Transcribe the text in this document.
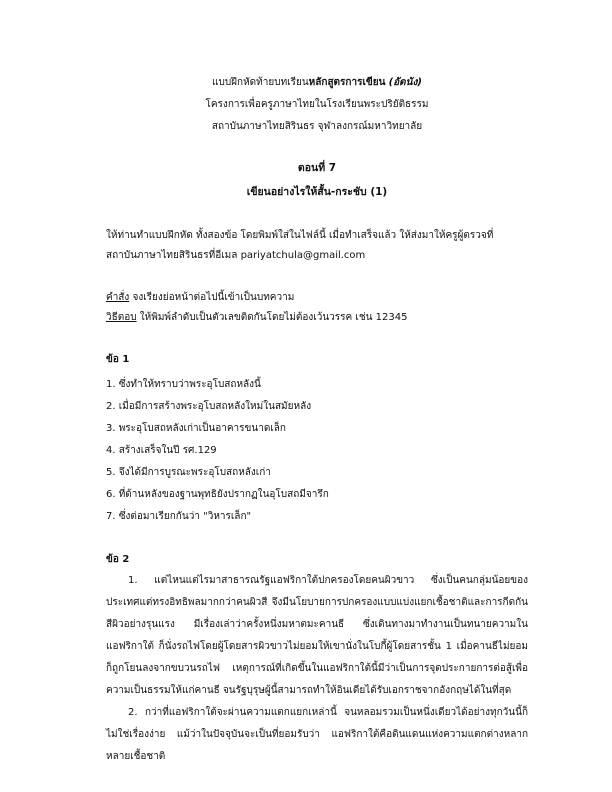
แบบฝึกหัดท้ายบทเรียนหลักสูตรการเขียน (อัดนัง)
โครงการเพื่อครูภาษาไทยในโรงเรียนพระปริยัติธรรม
สถาบันภาษาไทยสิรินธร จุฬาลงกรณ์มหาวิทยาลัย
ตอนที่ 7
เขียนอย่างไรให้สั้น-กระชับ (1)

ให้ท่านทำแบบฝึกหัด ทั้งสองข้อ โดยพิมพ์ใส่ในไฟล์นี้ เมื่อทำเสร็จแล้ว ให้ส่งมาให้ครูผู้ตรวจที่

สถาบันภาษาไทยสิรินธรที่อีเมล pariyatchula@gmail.com

คำสั่ง จงเรียงย่อหน้าต่อไปนี้เข้าเป็นบทความ

วิธีตอบ ให้พิมพ์ลำดับเป็นตัวเลขติดกันโดยไม่ต้องเว้นวรรค เช่น 12345

ข้อ 1
1. ซึ่งทำให้ทราบว่าพระอุโบสถหลังนี้
2. เมื่อมีการสร้างพระอุโบสถหลังใหม่ในสมัยหลัง
3. พระอุโบสถหลังเก่าเป็นอาคารขนาดเล็ก
4. สร้างเสร็จในปี รศ.129
5. จึงได้มีการบูรณะพระอุโบสถหลังเก่า
6. ที่ด้านหลังของฐานพุทธิยังปรากฏในอุโบสถมีจารึก
7. ซึ่งต่อมาเรียกกันว่า "วิหารเล็ก"
ข้อ 2

1. แต่ไหนแต่ไรมาสาธารณรัฐแอฟริกาใต้ปกครองโดยคนผิวขาว ซึ่งเป็นคนกลุ่มน้อยของประเทศแต่ทรงอิทธิพลมากกว่าคนผิวสี จึงมีนโยบายการปกครองแบบแบ่งแยกเชื้อชาติและการกีดกันสีผิวอย่างรุนแรง มีเรื่องเล่าว่าครั้งหนึ่งมหาตมะคานธี ซึ่งเดินทางมาทำงานเป็นทนายความในแอฟริกาใต้ ก็นั่งรถไฟโดยผู้โดยสารผิวขาวไม่ยอมให้เขานั่งในโบกี้ผู้โดยสารชั้น 1 เมื่อคานธีไม่ยอมก็ถูกโยนลงจากขบวนรถไฟ เหตุการณ์ที่เกิดขึ้นในแอฟริกาใต้นี้มีว่าเป็นการจุดประกายการต่อสู้เพื่อความเป็นธรรมให้แก่คานธี จนรัฐบุรุษผู้นี้สามารถทำให้อินเดียได้รับเอกราชจากอังกฤษได้ในที่สุด

2. กว่าที่แอฟริกาใต้จะผ่านความแตกแยกเหล่านี้ จนหลอมรวมเป็นหนึ่งเดียวได้อย่างทุกวันนี้ก็ไม่ใช่เรื่องง่าย แม้ว่าในปัจจุบันจะเป็นที่ยอมรับว่า แอฟริกาใต้คือดินแดนแห่งความแตกต่างหลากหลายเชื้อชาติ
